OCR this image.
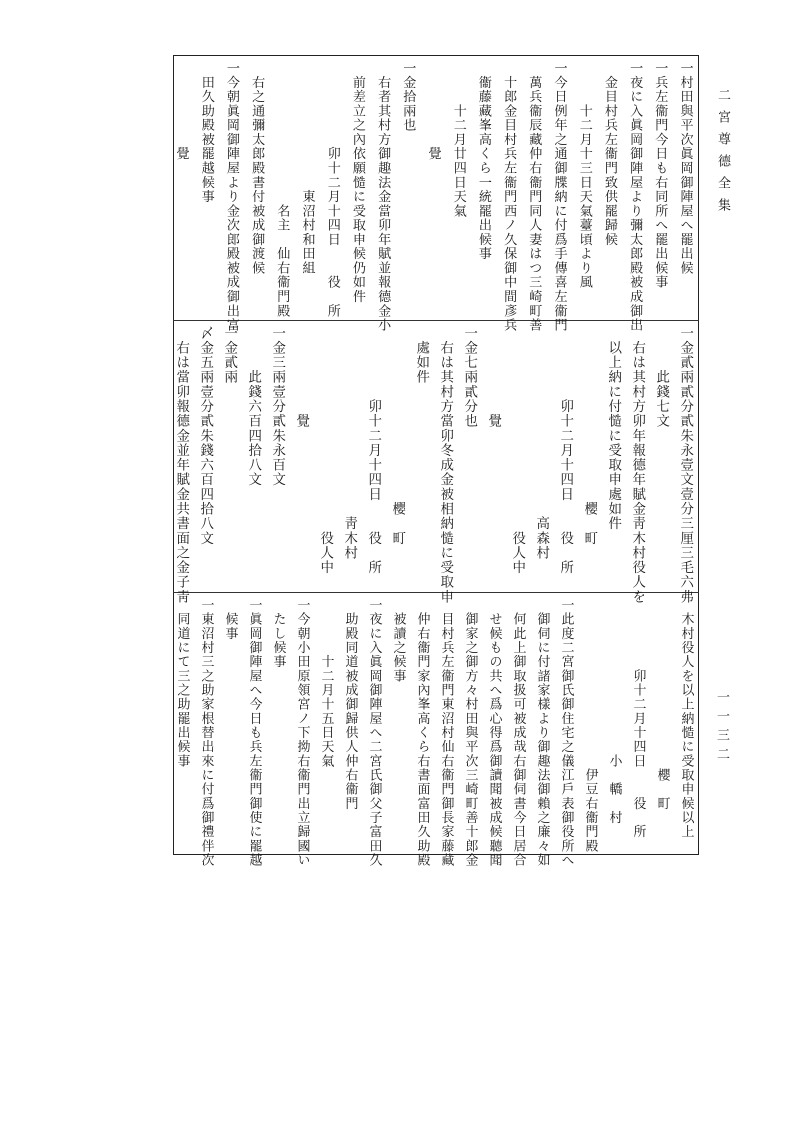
二宮尊德全集
一一三二
一村田與平次眞岡御陣屋へ罷出候
一兵左衞門今日も右同所へ罷出候事
一夜に入眞岡御陣屋より彌太郎殿被成御出
　金目村兵左衞門致供罷歸候
　　　十二月十三日天氣薹頃より風
一今日例年之通御牒納に付爲手傳喜左衞門
　萬兵衞辰藏仲右衞門同人妻はつ三崎町善
　十郎金目村兵左衞門西ノ久保御中間彥兵
　衞藤藏峯高くら一統罷出候事
　　　十二月廿四日天氣
　　　　　　覺
一金拾兩也
　右者其村方御趣法金當卯年賦並報德金小
　前差立之內依願慥に受取申候仍如件
　　　　　　卯十二月十四日　　役　所
　　　　　　　　　東沼村和田組
　　　　　　　　　　名主　仙右衞門殿
　右之通彌太郎殿書付被成御渡候
一今朝眞岡御陣屋より金次郎殿被成御出富
　田久助殿被罷越候事
　　　　　　覺
一金貳兩貳分貳朱永壹文壹分三厘三毛六弗
　　　此錢七文
　右は其村方卯年報德年賦金靑木村役人を
　以上納に付慥に受取申處如件
　　　　　　　　　　　　櫻　町
　　　　　卯十二月十四日　　役　所
　　　　　　　　　　　　　高森村
　　　　　　　　　　　　　　役人中
　　　　　　覺
一金七兩貳分也
　右は其村方當卯冬成金被相納慥に受取申
　處如件
　　　　　　　　　　　　櫻　町
　　　　　卯十二月十四日　　役　所
　　　　　　　　　　　　　靑木村
　　　　　　　　　　　　　　役人中
　　　　　　覺
一金三兩壹分貳朱永百文
　　　此錢六百四拾八文
一金貳兩
〆金五兩壹分貳朱錢六百四拾八文
　右は當卯報德金並年賦金共書面之金子靑
　木村役人を以上納慥に受取申候以上
　　　　　　　　　　　　櫻　町
　　　　　卯十二月十四日　　役　所
　　　　　　　　　　　小　轎　村
　　　　　　　　　　　　伊豆右衞門殿
一此度二宮御氏御住宅之儀江戶表御役所へ
　御伺に付諸家樣より御趣法御賴之廉々如
　何此上御取扱可被成哉右御伺書今日居合
　せ候もの共へ爲心得爲御讀聞被成候聽聞
　御家之御方々村田與平次三崎町善十郎金
　目村兵左衞門東沼村仙右衞門御長家藤藏
　仲右衞門家內峯高くら右書面富田久助殿
　被讀之候事
一夜に入眞岡御陣屋へ二宮氏御父子富田久
　助殿同道被成御歸供人仲右衞門
　　　　十二月十五日天氣
一今朝小田原領宮ノ下拗右衞門出立歸國い
　たし候事
一眞岡御陣屋へ今日も兵左衞門御使に罷越
　候事
一東沼村三之助家根替出來に付爲御禮伴次
　同道にて三之助罷出候事
